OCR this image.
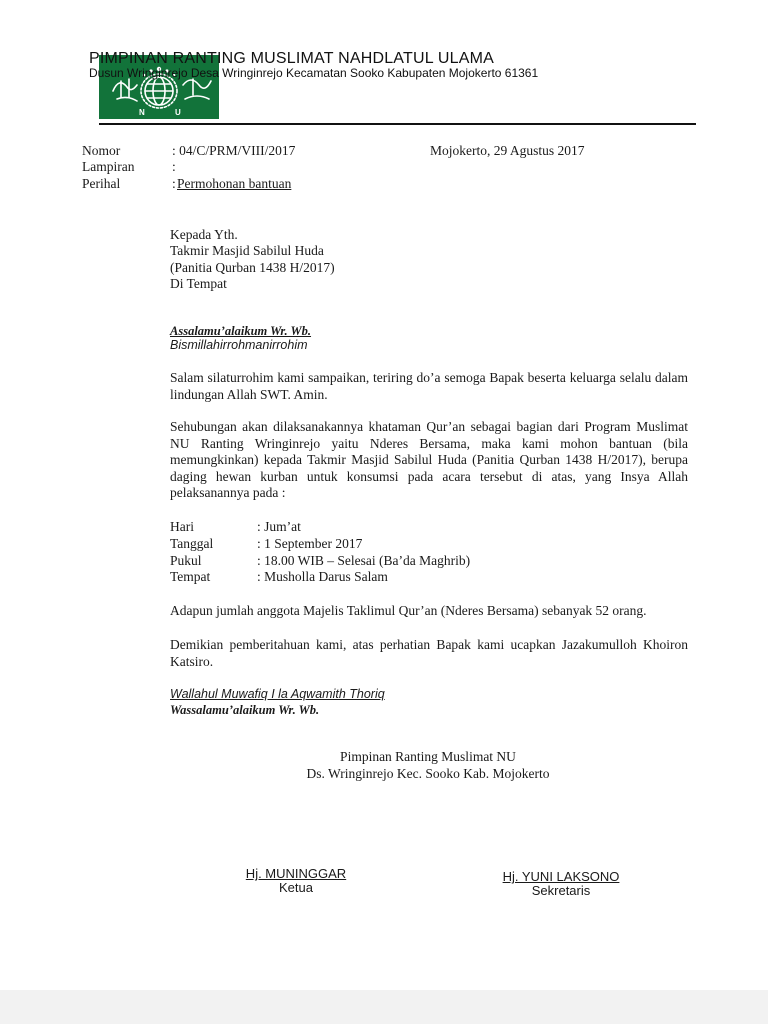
N	U
PIMPINAN RANTING MUSLIMAT NAHDLATUL ULAMA
Dusun Wringinrejo Desa Wringinrejo Kecamatan Sooko Kabupaten Mojokerto 61361
Nomor	: 04/C/PRM/VIII/2017	Mojokerto, 29 Agustus 2017
Lampiran	:
Perihal	: Permohonan bantuan
Kepada Yth.
Takmir Masjid Sabilul Huda
(Panitia Qurban 1438 H/2017)
Di Tempat
Assalamu’alaikum Wr. Wb.
Bismillahirrohmanirrohim
Salam silaturrohim kami sampaikan, teriring do’a semoga Bapak beserta keluarga selalu dalam lindungan Allah SWT. Amin.
Sehubungan akan dilaksanakannya khataman Qur’an sebagai bagian dari Program Muslimat NU Ranting Wringinrejo yaitu Nderes Bersama, maka kami mohon bantuan (bila memungkinkan) kepada Takmir Masjid Sabilul Huda (Panitia Qurban 1438 H/2017), berupa daging hewan kurban untuk konsumsi pada acara tersebut di atas, yang Insya Allah pelaksanannya pada :
Hari	: Jum’at
Tanggal	: 1 September 2017
Pukul	: 18.00 WIB – Selesai (Ba’da Maghrib)
Tempat	: Musholla Darus Salam
Adapun jumlah anggota Majelis Taklimul Qur’an (Nderes Bersama) sebanyak 52 orang.
Demikian pemberitahuan kami, atas perhatian Bapak kami ucapkan Jazakumulloh Khoiron Katsiro.
Wallahul Muwafiq I la Aqwamith Thoriq
Wassalamu’alaikum Wr. Wb.
Pimpinan Ranting Muslimat NU
Ds. Wringinrejo Kec. Sooko Kab. Mojokerto
Hj. MUNINGGAR
Ketua
Hj. YUNI LAKSONO
Sekretaris
